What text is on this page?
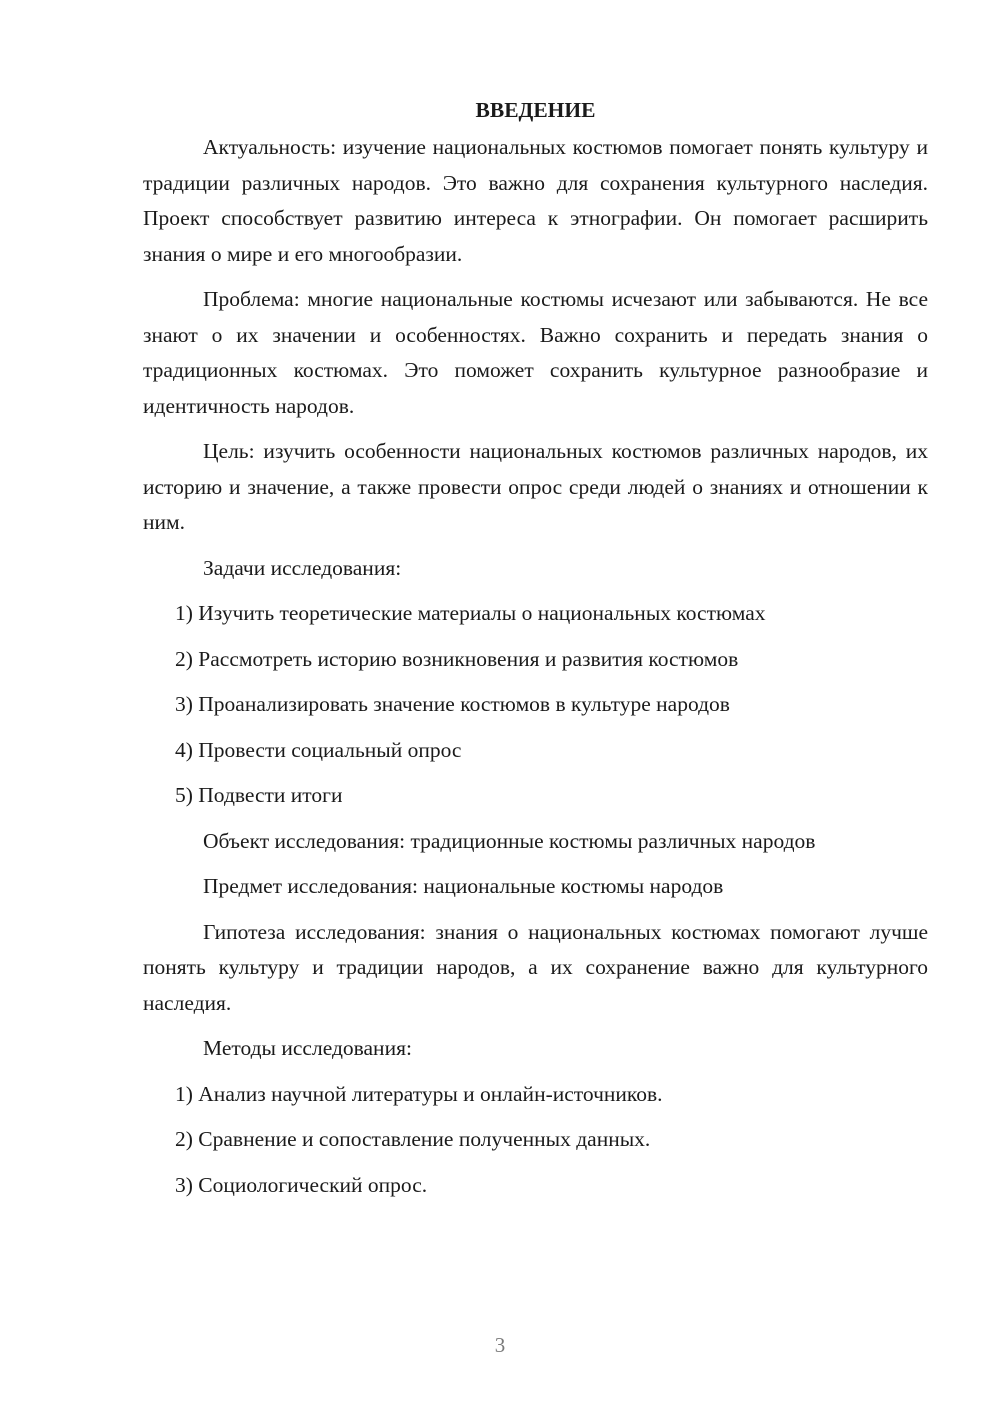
ВВЕДЕНИЕ

Актуальность: изучение национальных костюмов помогает понять культуру и традиции различных народов. Это важно для сохранения культурного наследия. Проект способствует развитию интереса к этнографии. Он помогает расширить знания о мире и его многообразии.

Проблема: многие национальные костюмы исчезают или забываются. Не все знают о их значении и особенностях. Важно сохранить и передать знания о традиционных костюмах. Это поможет сохранить культурное разнообразие и идентичность народов.

Цель: изучить особенности национальных костюмов различных народов, их историю и значение, а также провести опрос среди людей о знаниях и отношении к ним.

Задачи исследования:

1) Изучить теоретические материалы о национальных костюмах
2) Рассмотреть историю возникновения и развития костюмов
3) Проанализировать значение костюмов в культуре народов
4) Провести социальный опрос
5) Подвести итоги

Объект исследования: традиционные костюмы различных народов

Предмет исследования: национальные костюмы народов

Гипотеза исследования: знания о национальных костюмах помогают лучше понять культуру и традиции народов, а их сохранение важно для культурного наследия.

Методы исследования:

1) Анализ научной литературы и онлайн-источников.
2) Сравнение и сопоставление полученных данных.
3) Социологический опрос.
3
